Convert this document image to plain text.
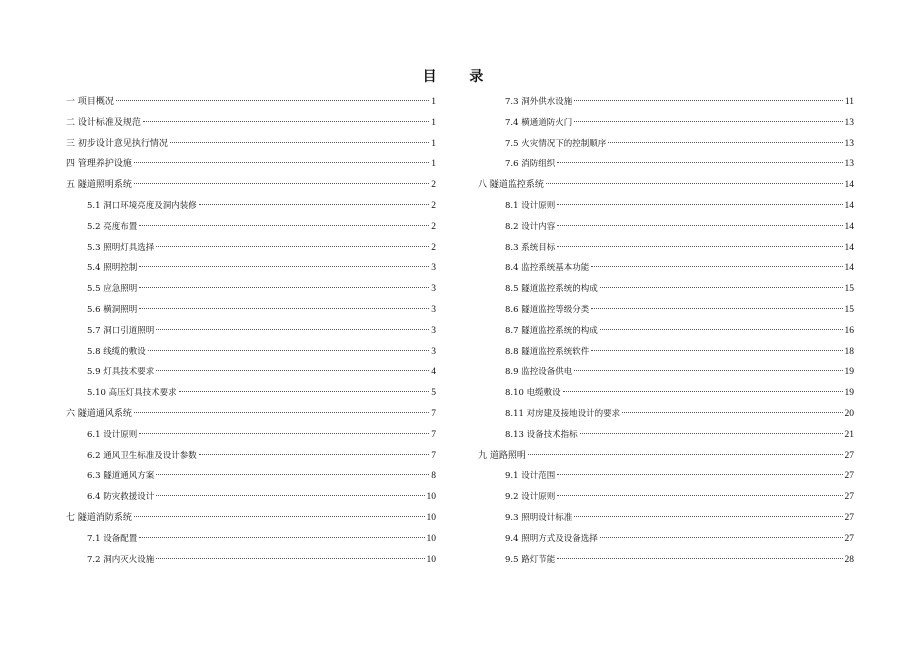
目 录
一 项目概况	1
二 设计标准及规范	1
三 初步设计意见执行情况	1
四 管理养护设施	1
五 隧道照明系统	2
5.1 洞口环境亮度及洞内装修	2
5.2 亮度布置	2
5.3 照明灯具选择	2
5.4 照明控制	3
5.5 应急照明	3
5.6 横洞照明	3
5.7 洞口引道照明	3
5.8 线缆的敷设	3
5.9 灯具技术要求	4
5.10 高压灯具技术要求	5
六 隧道通风系统	7
6.1 设计原则	7
6.2 通风卫生标准及设计参数	7
6.3 隧道通风方案	8
6.4 防灾救援设计	10
七 隧道消防系统	10
7.1 设备配置	10
7.2 洞内灭火设施	10
7.3 洞外供水设施	11
7.4 横通道防火门	13
7.5 火灾情况下的控制顺序	13
7.6 消防组织	13
八 隧道监控系统	14
8.1 设计原则	14
8.2 设计内容	14
8.3 系统目标	14
8.4 监控系统基本功能	14
8.5 隧道监控系统的构成	15
8.6 隧道监控等级分类	15
8.7 隧道监控系统的构成	16
8.8 隧道监控系统软件	18
8.9 监控设备供电	19
8.10 电缆敷设	19
8.11 对房建及接地设计的要求	20
8.13 设备技术指标	21
九 道路照明	27
9.1 设计范围	27
9.2 设计原则	27
9.3 照明设计标准	27
9.4 照明方式及设备选择	27
9.5 路灯节能	28
